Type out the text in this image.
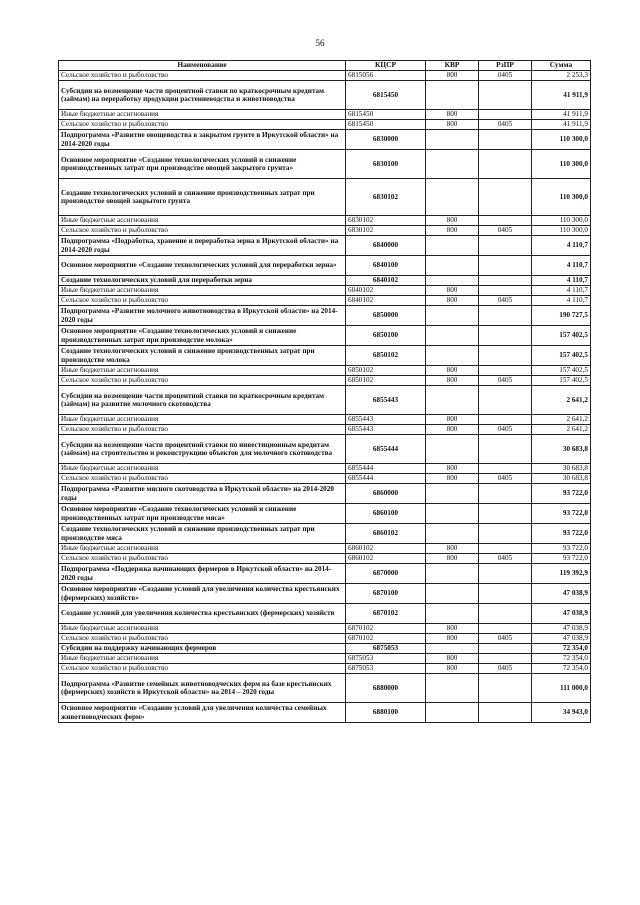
56
Наименование	КЦСР	КВР	РзПР	Сумма
Сельское хозяйство и рыболовство	6815056	800	0405	2 253,3
Субсидии на возмещение части процентной ставки по краткосрочным кредитам (займам) на переработку продукции растениеводства и животноводства	6815450			41 911,9
Иные бюджетные ассигнования	6815450	800		41 911,9
Сельское хозяйство и рыболовство	6815450	800	0405	41 911,9
Подпрограмма «Развитие овощеводства в закрытом грунте в Иркутской области» на 2014-2020 годы	6830000			110 300,0
Основное мероприятие «Создание технологических условий и снижение производственных затрат при производстве овощей закрытого грунта»	6830100			110 300,0
Создание технологических условий и снижение производственных затрат при производстве овощей закрытого грунта	6830102			110 300,0
Иные бюджетные ассигнования	6830102	800		110 300,0
Сельское хозяйство и рыболовство	6830102	800	0405	110 300,0
Подпрограмма «Подработка, хранение и переработка зерна в Иркутской области» на 2014-2020 годы	6840000			4 110,7
Основное мероприятие «Создание технологических условий для переработки зерна»	6840100			4 110,7
Создание технологических условий для переработки зерна	6840102			4 110,7
Иные бюджетные ассигнования	6840102	800		4 110,7
Сельское хозяйство и рыболовство	6840102	800	0405	4 110,7
Подпрограмма «Развитие молочного животноводства в Иркутской области» на 2014-2020 годы	6850000			190 727,5
Основное мероприятие «Создание технологических условий и снижение производственных затрат при производстве молока»	6850100			157 402,5
Создание технологических условий и снижение производственных затрат при производстве молока	6850102			157 402,5
Иные бюджетные ассигнования	6850102	800		157 402,5
Сельское хозяйство и рыболовство	6850102	800	0405	157 402,5
Субсидии на возмещение части процентной ставки по краткосрочным кредитам (займам) на развитие молочного скотоводства	6855443			2 641,2
Иные бюджетные ассигнования	6855443	800		2 641,2
Сельское хозяйство и рыболовство	6855443	800	0405	2 641,2
Субсидии на возмещение части процентной ставки по инвестиционным кредитам (займам) на строительство и реконструкцию объектов для молочного скотоводства	6855444			30 683,8
Иные бюджетные ассигнования	6855444	800		30 683,8
Сельское хозяйство и рыболовство	6855444	800	0405	30 683,8
Подпрограмма «Развитие мясного скотоводства в Иркутской области» на 2014-2020 годы	6860000			93 722,0
Основное мероприятие «Создание технологических условий и снижение производственных затрат при производстве мяса»	6860100			93 722,0
Создание технологических условий и снижение производственных затрат при производстве мяса	6860102			93 722,0
Иные бюджетные ассигнования	6860102	800		93 722,0
Сельское хозяйство и рыболовство	6860102	800	0405	93 722,0
Подпрограмма «Поддержка начинающих фермеров в Иркутской области» на 2014-2020 годы	6870000			119 392,9
Основное мероприятие «Создание условий для увеличения количества крестьянских (фермерских) хозяйств»	6870100			47 038,9
Создание условий для увеличения количества крестьянских (фермерских) хозяйств	6870102			47 038,9
Иные бюджетные ассигнования	6870102	800		47 038,9
Сельское хозяйство и рыболовство	6870102	800	0405	47 038,9
Субсидии на поддержку начинающих фермеров	6875053			72 354,0
Иные бюджетные ассигнования	6875053	800		72 354,0
Сельское хозяйство и рыболовство	6875053	800	0405	72 354,0
Подпрограмма «Развитие семейных животноводческих ферм на базе крестьянских (фермерских) хозяйств в Иркутской области» на 2014 – 2020 годы	6880000			111 000,0
Основное мероприятие «Создание условий для увеличения количества семейных животноводческих ферм»	6880100			34 943,0
